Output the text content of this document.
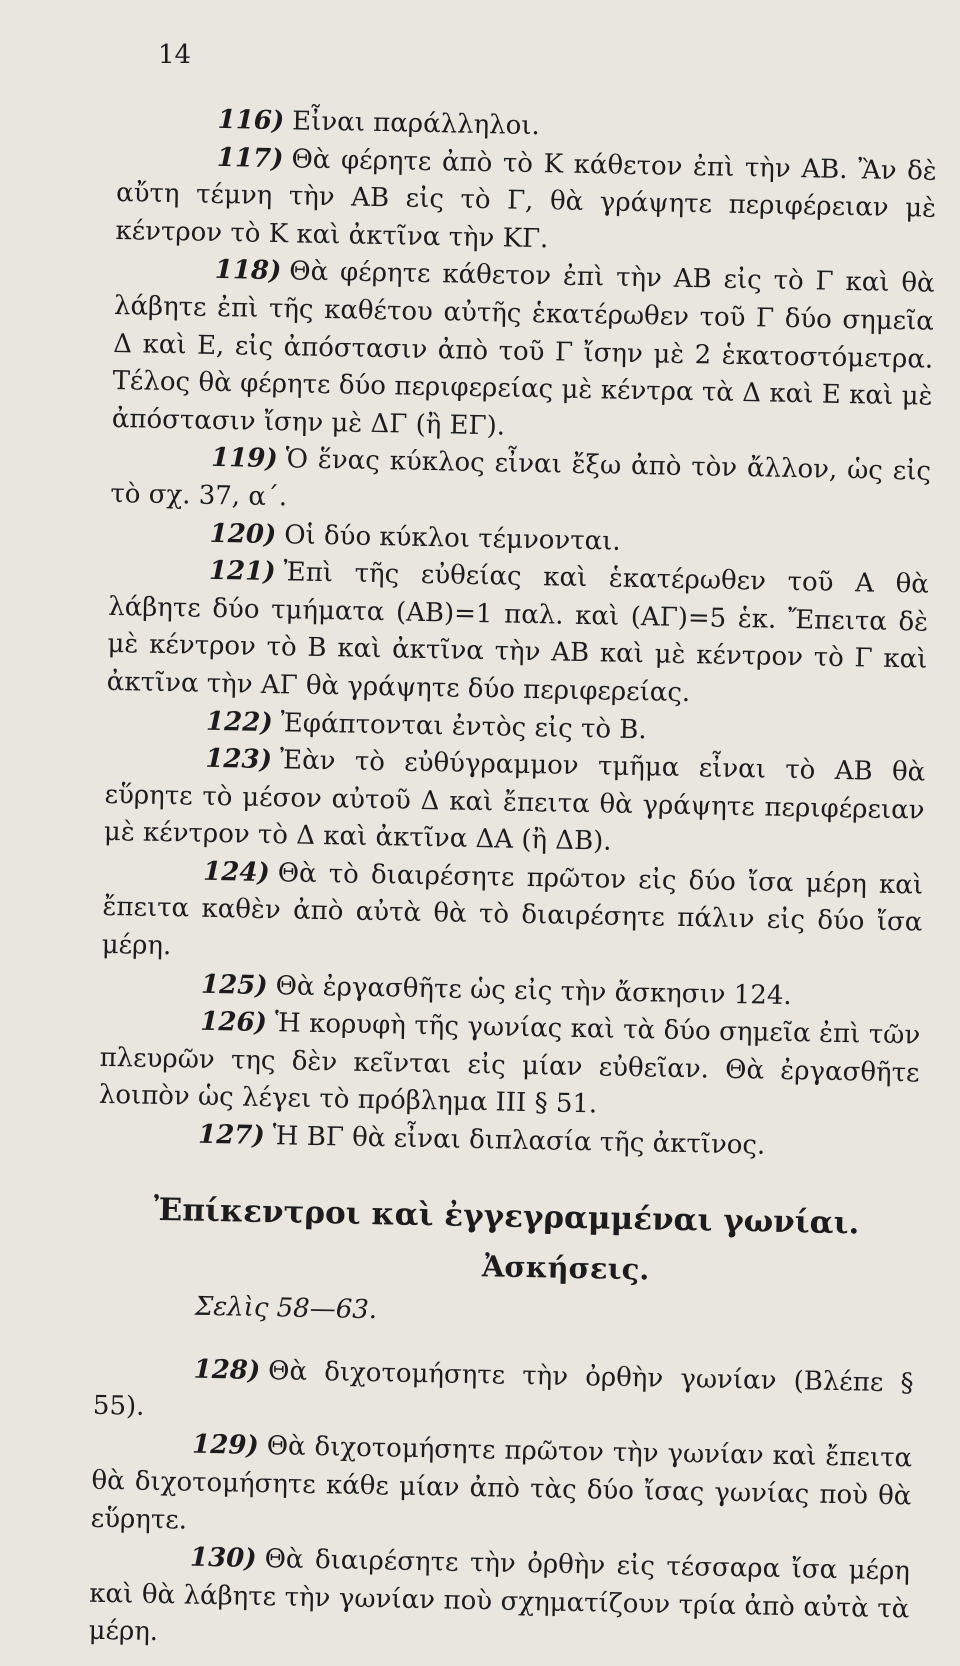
14

116) Εἶναι παράλληλοι.

117) Θὰ φέρητε ἀπὸ τὸ Κ κάθετον ἐπὶ τὴν ΑΒ. Ἂν δὲ αὔτη τέμνη τὴν ΑΒ εἰς τὸ Γ, θὰ γράψητε περιφέρειαν μὲ κέντρον τὸ Κ καὶ ἀκτῖνα τὴν ΚΓ.

118) Θὰ φέρητε κάθετον ἐπὶ τὴν ΑΒ εἰς τὸ Γ καὶ θὰ λάβητε ἐπὶ τῆς καθέτου αὐτῆς ἑκατέρωθεν τοῦ Γ δύο σημεῖα Δ καὶ Ε, εἰς ἀπόστασιν ἀπὸ τοῦ Γ ἴσην μὲ 2 ἑκατοστόμετρα. Τέλος θὰ φέρητε δύο περιφερείας μὲ κέντρα τὰ Δ καὶ Ε καὶ μὲ ἀπόστασιν ἴσην μὲ ΔΓ (ἢ ΕΓ).

119) Ὁ ἕνας κύκλος εἶναι ἔξω ἀπὸ τὸν ἄλλον, ὡς εἰς τὸ σχ. 37, α΄.

120) Οἱ δύο κύκλοι τέμνονται.

121) Ἐπὶ τῆς εὐθείας καὶ ἑκατέρωθεν τοῦ Α θὰ λάβητε δύο τμήματα (ΑΒ)=1 παλ. καὶ (ΑΓ)=5 ἑκ. Ἔπειτα δὲ μὲ κέντρον τὸ Β καὶ ἀκτῖνα τὴν ΑΒ καὶ μὲ κέντρον τὸ Γ καὶ ἀκτῖνα τὴν ΑΓ θὰ γράψητε δύο περιφερείας.

122) Ἐφάπτονται ἐντὸς εἰς τὸ Β.

123) Ἐὰν τὸ εὐθύγραμμον τμῆμα εἶναι τὸ ΑΒ θὰ εὕρητε τὸ μέσον αὐτοῦ Δ καὶ ἔπειτα θὰ γράψητε περιφέρειαν μὲ κέντρον τὸ Δ καὶ ἀκτῖνα ΔΑ (ἢ ΔΒ).

124) Θὰ τὸ διαιρέσητε πρῶτον εἰς δύο ἴσα μέρη καὶ ἔπειτα καθὲν ἀπὸ αὐτὰ θὰ τὸ διαιρέσητε πάλιν εἰς δύο ἴσα μέρη.

125) Θὰ ἐργασθῆτε ὡς εἰς τὴν ἄσκησιν 124.

126) Ἡ κορυφὴ τῆς γωνίας καὶ τὰ δύο σημεῖα ἐπὶ τῶν πλευρῶν της δὲν κεῖνται εἰς μίαν εὐθεῖαν. Θὰ ἐργασθῆτε λοιπὸν ὡς λέγει τὸ πρόβλημα ΙΙΙ § 51.

127) Ἡ ΒΓ θὰ εἶναι διπλασία τῆς ἀκτῖνος.

Ἐπίκεντροι καὶ ἐγγεγραμμέναι γωνίαι.
Ἀσκήσεις.
Σελὶς 58—63.

128) Θὰ διχοτομήσητε τὴν ὀρθὴν γωνίαν (Βλέπε § 55).

129) Θὰ διχοτομήσητε πρῶτον τὴν γωνίαν καὶ ἔπειτα θὰ διχοτομήσητε κάθε μίαν ἀπὸ τὰς δύο ἴσας γωνίας ποὺ θὰ εὕρητε.

130) Θὰ διαιρέσητε τὴν ὀρθὴν εἰς τέσσαρα ἴσα μέρη καὶ θὰ λάβητε τὴν γωνίαν ποὺ σχηματίζουν τρία ἀπὸ αὐτὰ τὰ μέρη.
